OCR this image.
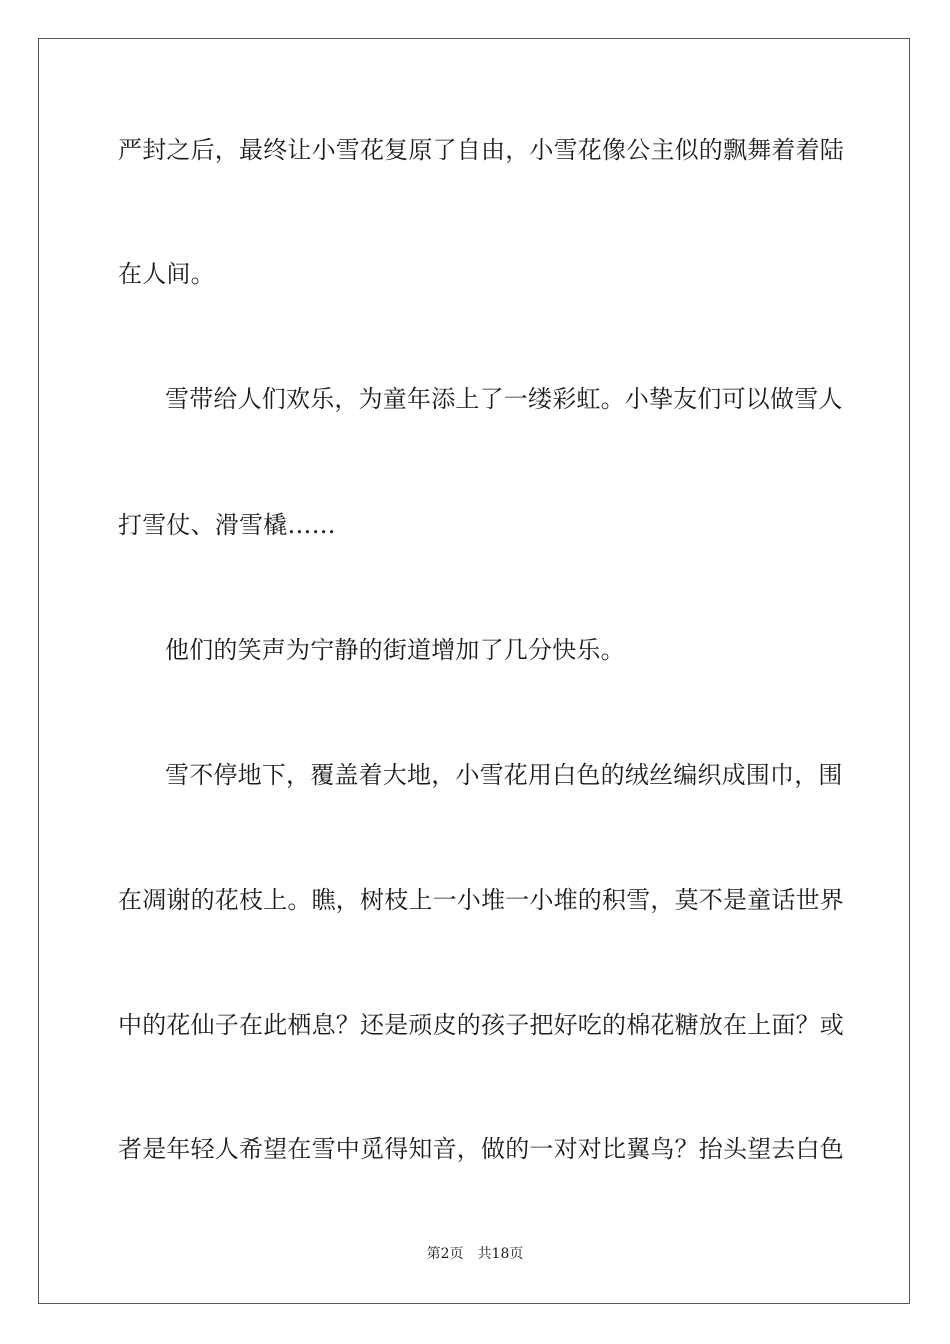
严封之后，最终让小雪花复原了自由，小雪花像公主似的飘舞着着陆
在人间。
雪带给人们欢乐，为童年添上了一缕彩虹。小挚友们可以做雪人
打雪仗、滑雪橇……
他们的笑声为宁静的街道增加了几分快乐。
雪不停地下，覆盖着大地，小雪花用白色的绒丝编织成围巾，围
在凋谢的花枝上。瞧，树枝上一小堆一小堆的积雪，莫不是童话世界
中的花仙子在此栖息？还是顽皮的孩子把好吃的棉花糖放在上面？或
者是年轻人希望在雪中觅得知音，做的一对对比翼鸟？抬头望去白色
第2页 共18页
